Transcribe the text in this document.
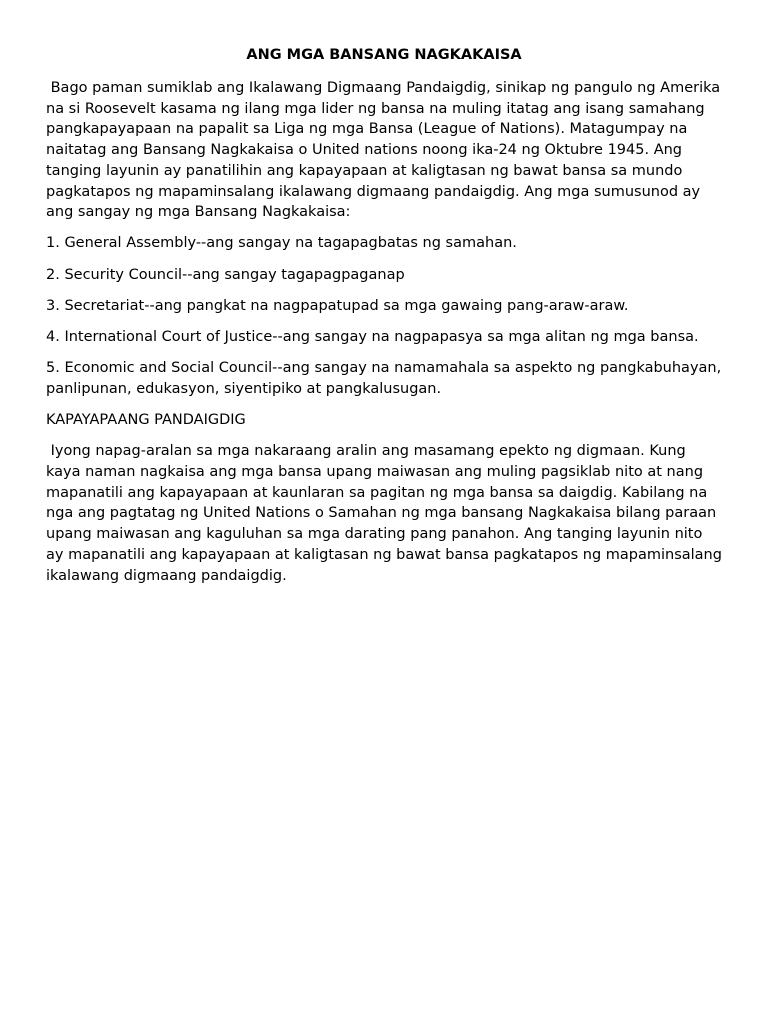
ANG MGA BANSANG NAGKAKAISA

Bago paman sumiklab ang Ikalawang Digmaang Pandaigdig, sinikap ng pangulo ng Amerika na si Roosevelt kasama ng ilang mga lider ng bansa na muling itatag ang isang samahang pangkapayapaan na papalit sa Liga ng mga Bansa (League of Nations). Matagumpay na naitatag ang Bansang Nagkakaisa o United nations noong ika-24 ng Oktubre 1945. Ang tanging layunin ay panatilihin ang kapayapaan at kaligtasan ng bawat bansa sa mundo pagkatapos ng mapaminsalang ikalawang digmaang pandaigdig. Ang mga sumusunod ay ang sangay ng mga Bansang Nagkakaisa:

1. General Assembly--ang sangay na tagapagbatas ng samahan.
2. Security Council--ang sangay tagapagpaganap
3. Secretariat--ang pangkat na nagpapatupad sa mga gawaing pang-araw-araw.
4. International Court of Justice--ang sangay na nagpapasya sa mga alitan ng mga bansa.
5. Economic and Social Council--ang sangay na namamahala sa aspekto ng pangkabuhayan, panlipunan, edukasyon, siyentipiko at pangkalusugan.
KAPAYAPAANG PANDAIGDIG

Iyong napag-aralan sa mga nakaraang aralin ang masamang epekto ng digmaan. Kung kaya naman nagkaisa ang mga bansa upang maiwasan ang muling pagsiklab nito at nang mapanatili ang kapayapaan at kaunlaran sa pagitan ng mga bansa sa daigdig. Kabilang na nga ang pagtatag ng United Nations o Samahan ng mga bansang Nagkakaisa bilang paraan upang maiwasan ang kaguluhan sa mga darating pang panahon. Ang tanging layunin nito ay mapanatili ang kapayapaan at kaligtasan ng bawat bansa pagkatapos ng mapaminsalang ikalawang digmaang pandaigdig.
